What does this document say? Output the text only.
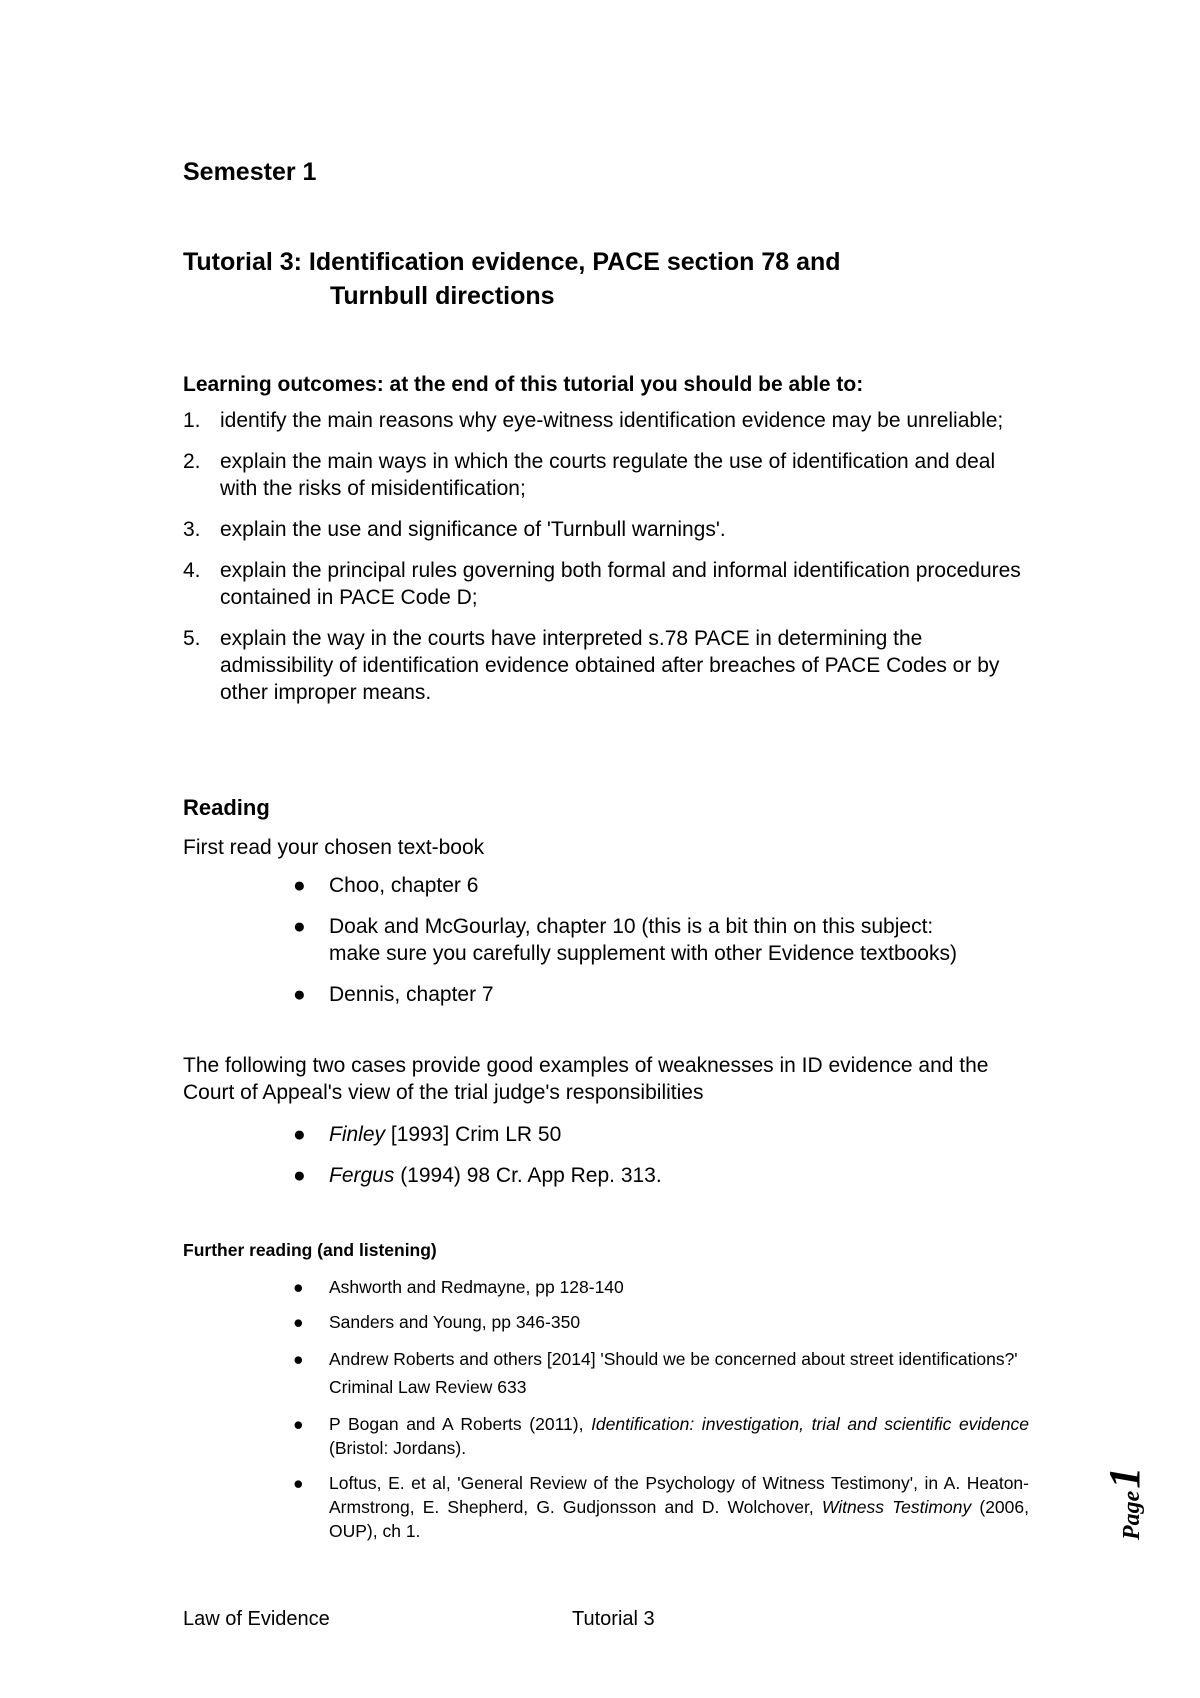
Semester 1
Tutorial 3: Identification evidence, PACE section 78 and
Turnbull directions
Learning outcomes: at the end of this tutorial you should be able to:
1. identify the main reasons why eye-witness identification evidence may be unreliable;
2. explain the main ways in which the courts regulate the use of identification and deal with the risks of misidentification;
3. explain the use and significance of 'Turnbull warnings'.
4. explain the principal rules governing both formal and informal identification procedures contained in PACE Code D;
5. explain the way in the courts have interpreted s.78 PACE in determining the admissibility of identification evidence obtained after breaches of PACE Codes or by other improper means.
Reading
First read your chosen text-book
● Choo, chapter 6
● Doak and McGourlay, chapter 10 (this is a bit thin on this subject: make sure you carefully supplement with other Evidence textbooks)
● Dennis, chapter 7
The following two cases provide good examples of weaknesses in ID evidence and the Court of Appeal's view of the trial judge's responsibilities
● Finley [1993] Crim LR 50
● Fergus (1994) 98 Cr. App Rep. 313.
Further reading (and listening)
● Ashworth and Redmayne, pp 128-140
● Sanders and Young, pp 346-350
● Andrew Roberts and others [2014] 'Should we be concerned about street identifications?' Criminal Law Review 633
● P Bogan and A Roberts (2011), Identification: investigation, trial and scientific evidence (Bristol: Jordans).
● Loftus, E. et al, 'General Review of the Psychology of Witness Testimony', in A. Heaton-Armstrong, E. Shepherd, G. Gudjonsson and D. Wolchover, Witness Testimony (2006, OUP), ch 1.	Page1
Law of Evidence	Tutorial 3
